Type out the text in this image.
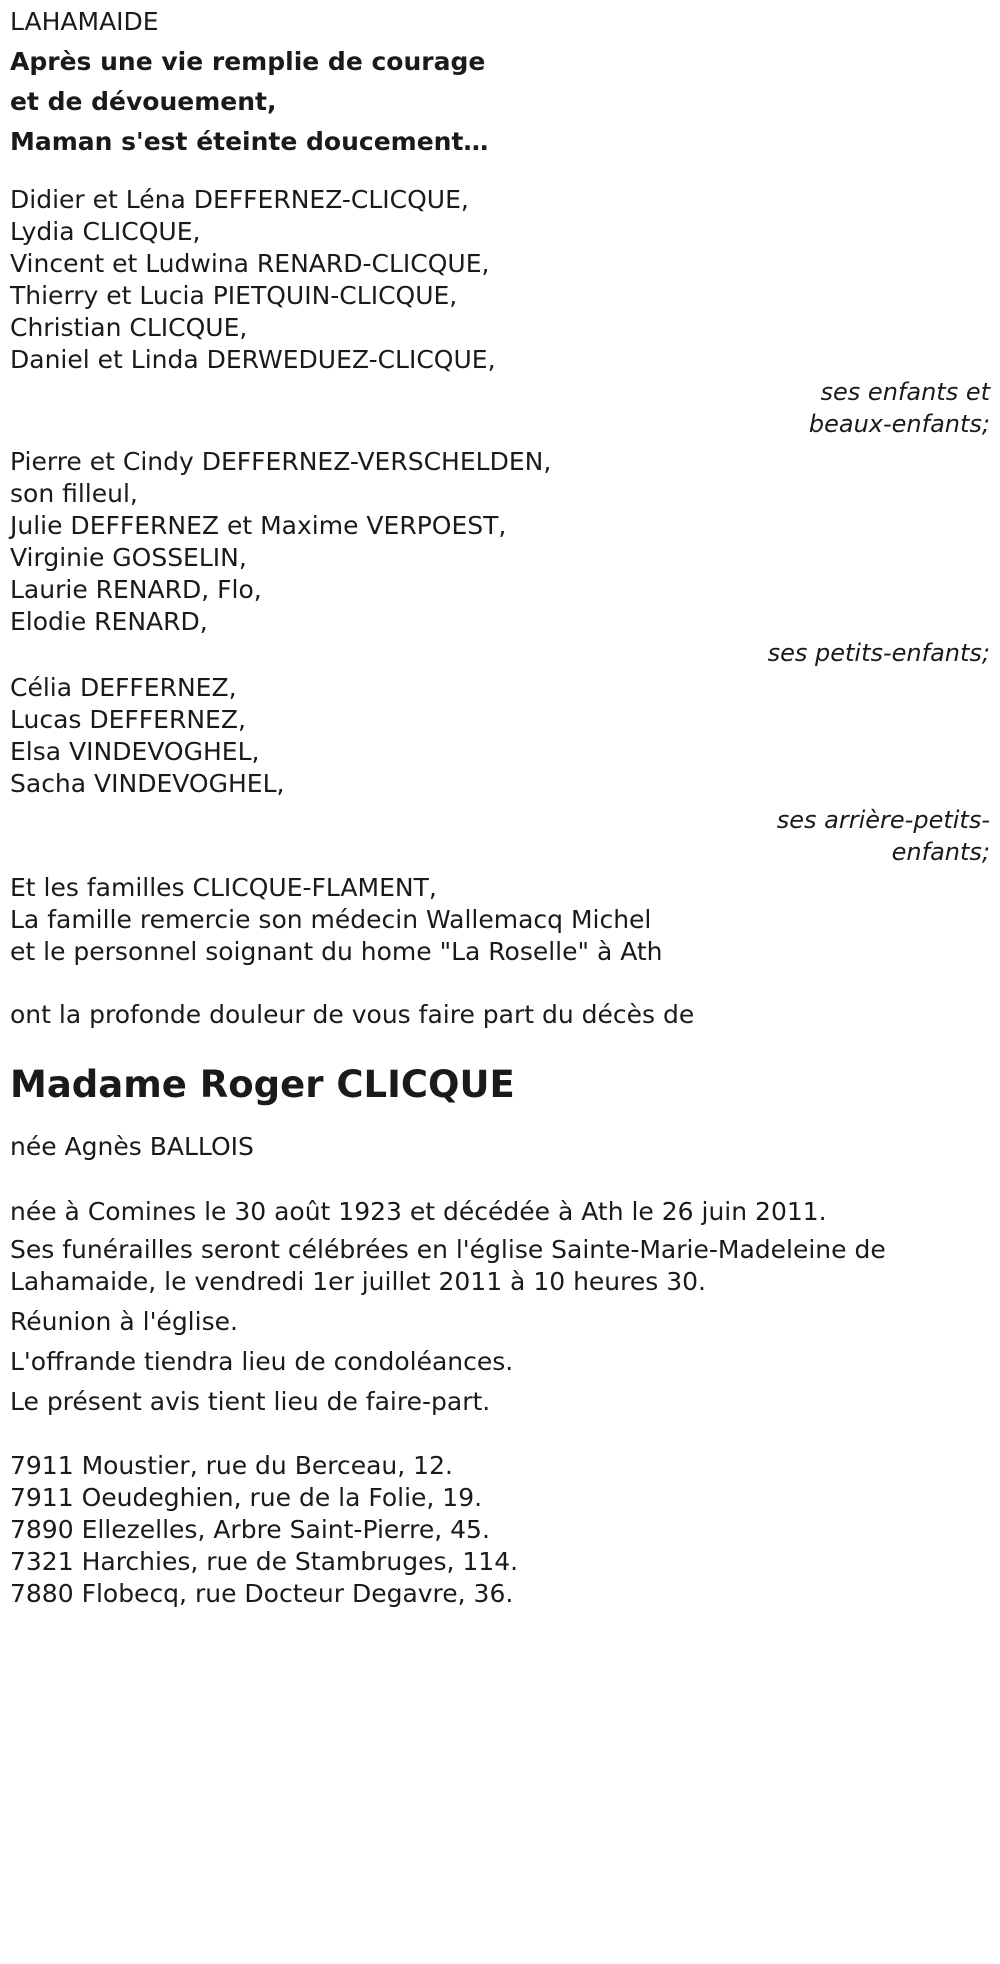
LAHAMAIDE
Après une vie remplie de courage
et de dévouement,
Maman s'est éteinte doucement…
Didier et Léna DEFFERNEZ-CLICQUE,
Lydia CLICQUE,
Vincent et Ludwina RENARD-CLICQUE,
Thierry et Lucia PIETQUIN-CLICQUE,
Christian CLICQUE,
Daniel et Linda DERWEDUEZ-CLICQUE,
ses enfants et
beaux-enfants;
Pierre et Cindy DEFFERNEZ-VERSCHELDEN,
son filleul,
Julie DEFFERNEZ et Maxime VERPOEST,
Virginie GOSSELIN,
Laurie RENARD, Flo,
Elodie RENARD,
ses petits-enfants;
Célia DEFFERNEZ,
Lucas DEFFERNEZ,
Elsa VINDEVOGHEL,
Sacha VINDEVOGHEL,
ses arrière-petits-
enfants;
Et les familles CLICQUE-FLAMENT,
La famille remercie son médecin Wallemacq Michel
et le personnel soignant du home "La Roselle" à Ath
ont la profonde douleur de vous faire part du décès de
Madame Roger CLICQUE
née Agnès BALLOIS
née à Comines le 30 août 1923 et décédée à Ath le 26 juin 2011.
Ses funérailles seront célébrées en l'église Sainte-Marie-Madeleine de Lahamaide, le vendredi 1er juillet 2011 à 10 heures 30.
Réunion à l'église.
L'offrande tiendra lieu de condoléances.
Le présent avis tient lieu de faire-part.
7911 Moustier, rue du Berceau, 12.
7911 Oeudeghien, rue de la Folie, 19.
7890 Ellezelles, Arbre Saint-Pierre, 45.
7321 Harchies, rue de Stambruges, 114.
7880 Flobecq, rue Docteur Degavre, 36.
